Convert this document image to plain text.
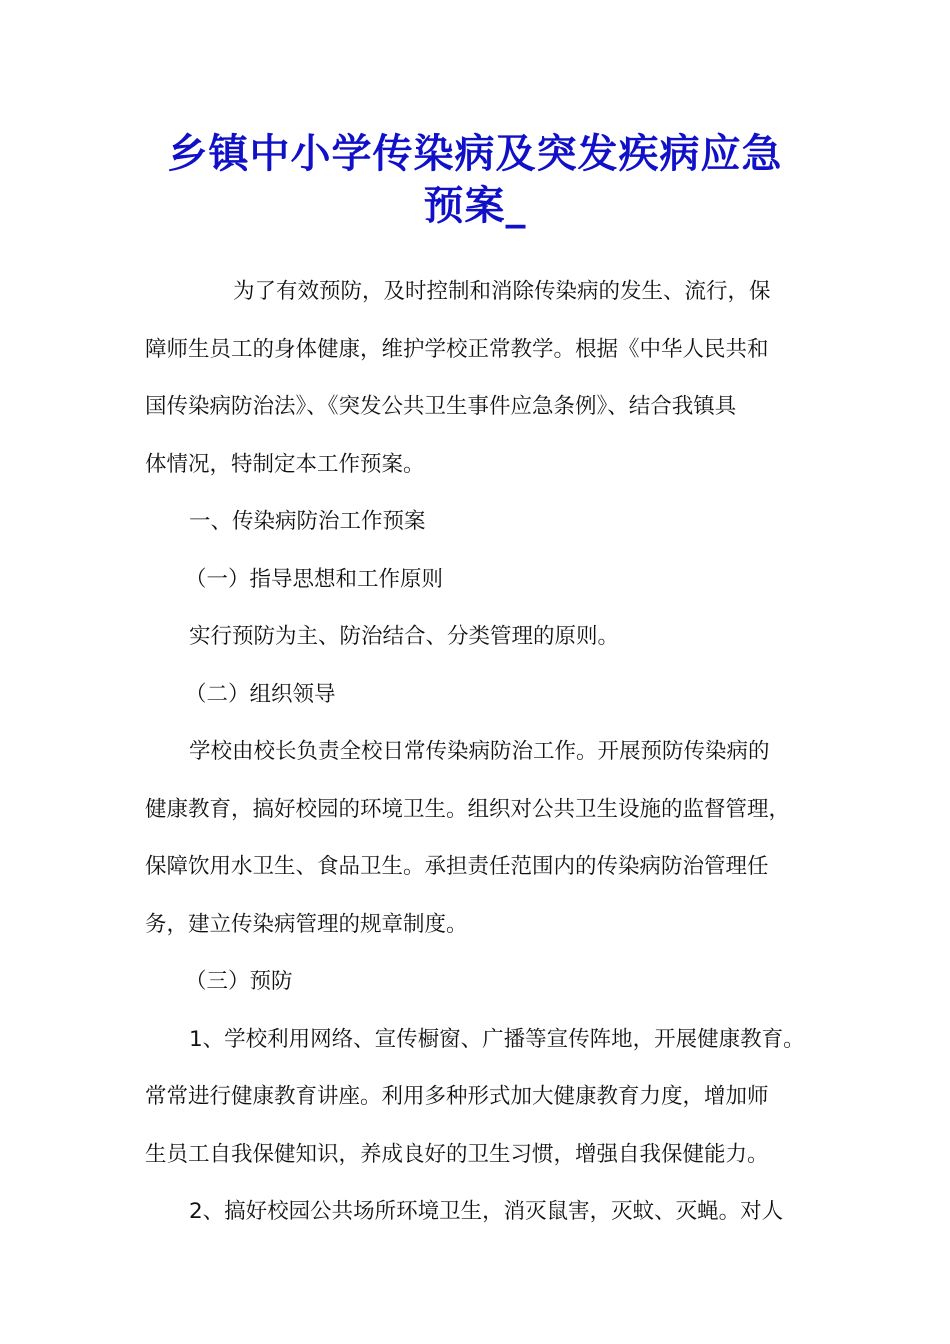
乡镇中小学传染病及突发疾病应急
预案_
为了有效预防，及时控制和消除传染病的发生、流行，保
障师生员工的身体健康，维护学校正常教学。根据《中华人民共和
国传染病防治法》、《突发公共卫生事件应急条例》、结合我镇具
体情况，特制定本工作预案。
一、传染病防治工作预案
（一）指导思想和工作原则
实行预防为主、防治结合、分类管理的原则。
（二）组织领导
学校由校长负责全校日常传染病防治工作。开展预防传染病的
健康教育，搞好校园的环境卫生。组织对公共卫生设施的监督管理，
保障饮用水卫生、食品卫生。承担责任范围内的传染病防治管理任
务，建立传染病管理的规章制度。
（三）预防
1、学校利用网络、宣传橱窗、广播等宣传阵地，开展健康教育。
常常进行健康教育讲座。利用多种形式加大健康教育力度，增加师
生员工自我保健知识，养成良好的卫生习惯，增强自我保健能力。
2、搞好校园公共场所环境卫生，消灭鼠害，灭蚊、灭蝇。对人
